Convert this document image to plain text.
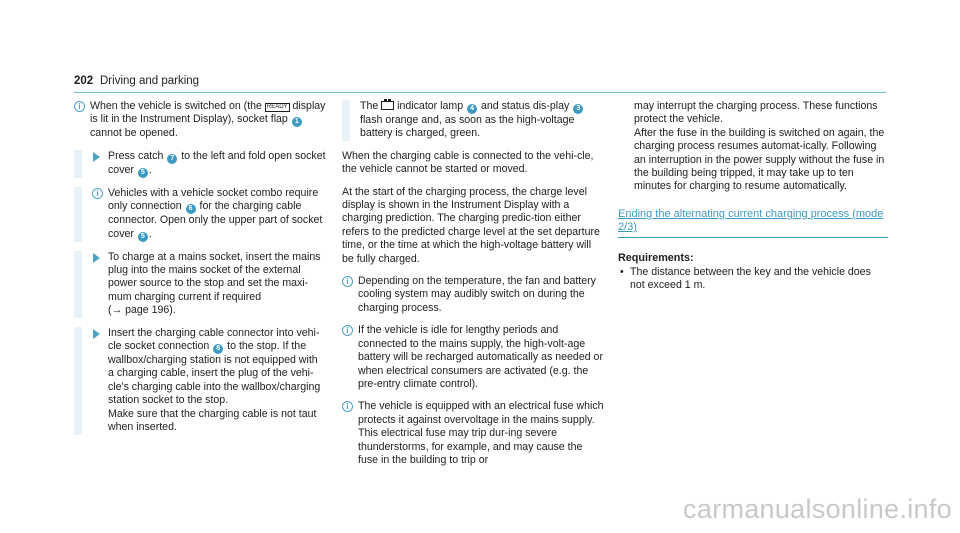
202 Driving and parking
i When the vehicle is switched on (the READY display is lit in the Instrument Display), socket flap 1 cannot be opened.
Press catch 7 to the left and fold open socket cover 5 .
i Vehicles with a vehicle socket combo require only connection 6 for the charging cable connector. Open only the upper part of socket cover 5 .
To charge at a mains socket, insert the mains plug into the mains socket of the external power source to the stop and set the maxi-mum charging current if required
(→ page 196).
Insert the charging cable connector into vehi-cle socket connection 8 to the stop. If the wallbox/charging station is not equipped with a charging cable, insert the plug of the vehi-cle's charging cable into the wallbox/charging station socket to the stop.
Make sure that the charging cable is not taut when inserted.
The  indicator lamp 4 and status dis-play 3 flash orange and, as soon as the high-voltage battery is charged, green.
When the charging cable is connected to the vehi-cle, the vehicle cannot be started or moved.
At the start of the charging process, the charge level display is shown in the Instrument Display with a charging prediction. The charging predic-tion either refers to the predicted charge level at the set departure time, or the time at which the high-voltage battery will be fully charged.
i Depending on the temperature, the fan and battery cooling system may audibly switch on during the charging process.
i If the vehicle is idle for lengthy periods and connected to the mains supply, the high-volt-age battery will be recharged automatically as needed or when electrical consumers are activated (e.g. the pre-entry climate control).
i The vehicle is equipped with an electrical fuse which protects it against overvoltage in the mains supply. This electrical fuse may trip dur-ing severe thunderstorms, for example, and may cause the fuse in the building to trip or
may interrupt the charging process. These functions protect the vehicle.
After the fuse in the building is switched on again, the charging process resumes automat-ically. Following an interruption in the power supply without the fuse in the building being tripped, it may take up to ten minutes for charging to resume automatically.
Ending the alternating current charging process (mode 2/3)
Requirements:
• The distance between the key and the vehicle does not exceed 1 m.
carmanualsonline.info
